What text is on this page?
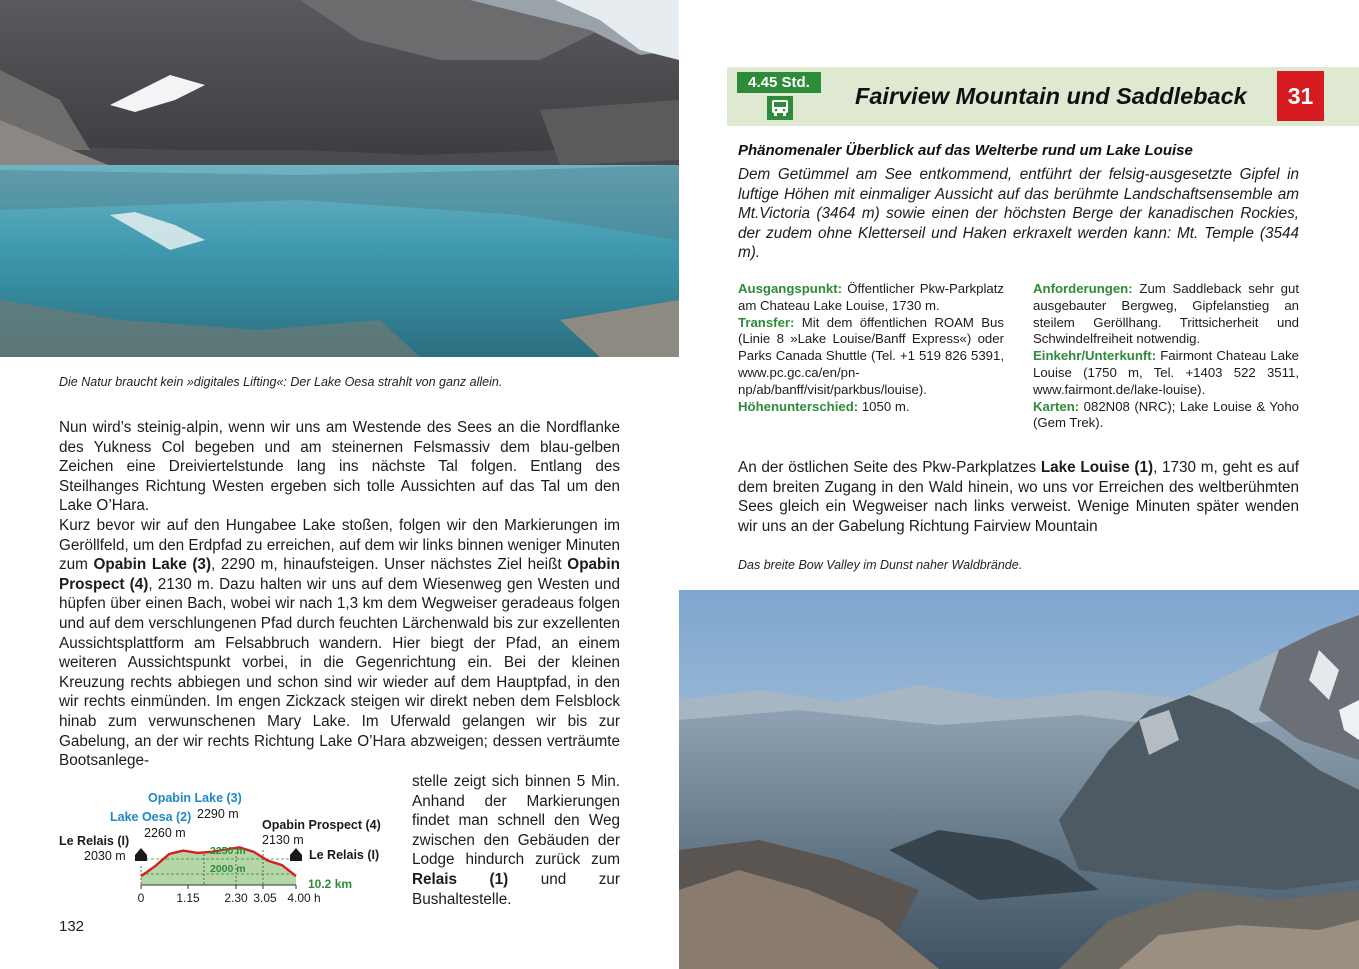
Die Natur braucht kein »digitales Lifting«: Der Lake Oesa strahlt von ganz allein.

Nun wird’s steinig-alpin, wenn wir uns am Westende des Sees an die Nordflanke des Yukness Col begeben und am steinernen Felsmassiv dem blau-gelben Zeichen eine Dreiviertelstunde lang ins nächste Tal folgen. Entlang des Steilhanges Richtung Westen ergeben sich tolle Aussichten auf das Tal um den Lake O’Hara.

Kurz bevor wir auf den Hungabee Lake stoßen, folgen wir den Markierungen im Geröllfeld, um den Erdpfad zu erreichen, auf dem wir links binnen weniger Minuten zum Opabin Lake (3), 2290 m, hinaufsteigen. Unser nächstes Ziel heißt Opabin Prospect (4), 2130 m. Dazu halten wir uns auf dem Wiesenweg gen Westen und hüpfen über einen Bach, wobei wir nach 1,3 km dem Wegweiser geradeaus folgen und auf dem verschlungenen Pfad durch feuchten Lärchenwald bis zur exzellenten Aussichtsplattform am Felsabbruch wandern. Hier biegt der Pfad, an einem weiteren Aussichtspunkt vorbei, in die Gegenrichtung ein. Bei der kleinen Kreuzung rechts abbiegen und schon sind wir wieder auf dem Hauptpfad, in den wir rechts einmünden. Im engen Zickzack steigen wir direkt neben dem Felsblock hinab zum verwunschenen Mary Lake. Im Uferwald gelangen wir bis zur Gabelung, an der wir rechts Richtung Lake O’Hara abzweigen; dessen verträumte Bootsanlege-

stelle zeigt sich binnen 5 Min. Anhand der Markierungen findet man schnell den Weg zwischen den Gebäuden der Lodge hindurch zurück zum Relais (1) und zur Bushaltestelle.
Opabin Lake (3)
2290 m
Lake Oesa (2)
2260 m
Le Relais (I)
2030 m
Opabin Prospect (4)
2130 m
Le Relais (I)
2250 m
2000 m
10.2 km
0	1.15 2.30 3.05 4.00 h
132
4.45 Std.
Fairview Mountain und Saddleback	31
Phänomenaler Überblick auf das Welterbe rund um Lake Louise
Dem Getümmel am See entkommend, entführt der felsig-ausgesetzte Gipfel in luftige Höhen mit einmaliger Aussicht auf das berühmte Landschaftsensemble am Mt.Victoria (3464 m) sowie einen der höchsten Berge der kanadischen Rockies, der zudem ohne Kletterseil und Haken erkraxelt werden kann: Mt. Temple (3544 m).
Ausgangspunkt: Öffentlicher Pkw-Parkplatz am Chateau Lake Louise, 1730 m.
Transfer: Mit dem öffentlichen ROAM Bus (Linie 8 »Lake Louise/Banff Express«) oder Parks Canada Shuttle (Tel. +1 519 826 5391, www.pc.gc.ca/en/pn-np/ab/banff/visit/parkbus/louise).
Höhenunterschied: 1050 m.
Anforderungen: Zum Saddleback sehr gut ausgebauter Bergweg, Gipfelanstieg an steilem Geröllhang. Trittsicherheit und Schwindelfreiheit notwendig.
Einkehr/Unterkunft: Fairmont Chateau Lake Louise (1750 m, Tel. +1403 522 3511, www.fairmont.de/lake-louise).
Karten: 082N08 (NRC); Lake Louise & Yoho (Gem Trek).
An der östlichen Seite des Pkw-Parkplatzes Lake Louise (1), 1730 m, geht es auf dem breiten Zugang in den Wald hinein, wo uns vor Erreichen des weltberühmten Sees gleich ein Wegweiser nach links verweist. Wenige Minuten später wenden wir uns an der Gabelung Richtung Fairview Mountain
Das breite Bow Valley im Dunst naher Waldbrände.
